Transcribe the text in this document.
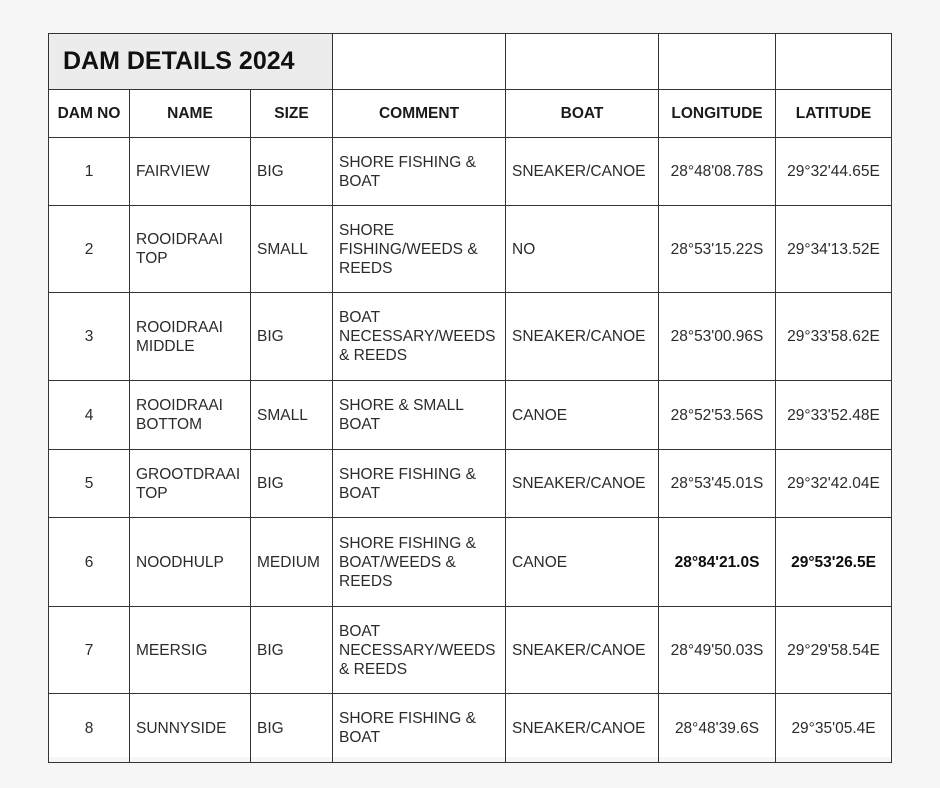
DAM DETAILS 2024						
DAM NO	NAME	SIZE	COMMENT	BOAT	LONGITUDE	LATITUDE
1	FAIRVIEW	BIG	SHORE FISHING & BOAT	SNEAKER/CANOE	28°48'08.78S	29°32'44.65E
2	ROOIDRAAI TOP	SMALL	SHORE FISHING/WEEDS & REEDS	NO	28°53'15.22S	29°34'13.52E
3	ROOIDRAAI MIDDLE	BIG	BOAT NECESSARY/WEEDS & REEDS	SNEAKER/CANOE	28°53'00.96S	29°33'58.62E
4	ROOIDRAAI BOTTOM	SMALL	SHORE & SMALL BOAT	CANOE	28°52'53.56S	29°33'52.48E
5	GROOTDRAAI TOP	BIG	SHORE FISHING & BOAT	SNEAKER/CANOE	28°53'45.01S	29°32'42.04E
6	NOODHULP	MEDIUM	SHORE FISHING & BOAT/WEEDS & REEDS	CANOE	28°84'21.0S	29°53'26.5E
7	MEERSIG	BIG	BOAT NECESSARY/WEEDS & REEDS	SNEAKER/CANOE	28°49'50.03S	29°29'58.54E
8	SUNNYSIDE	BIG	SHORE FISHING & BOAT	SNEAKER/CANOE	28°48'39.6S	29°35'05.4E
